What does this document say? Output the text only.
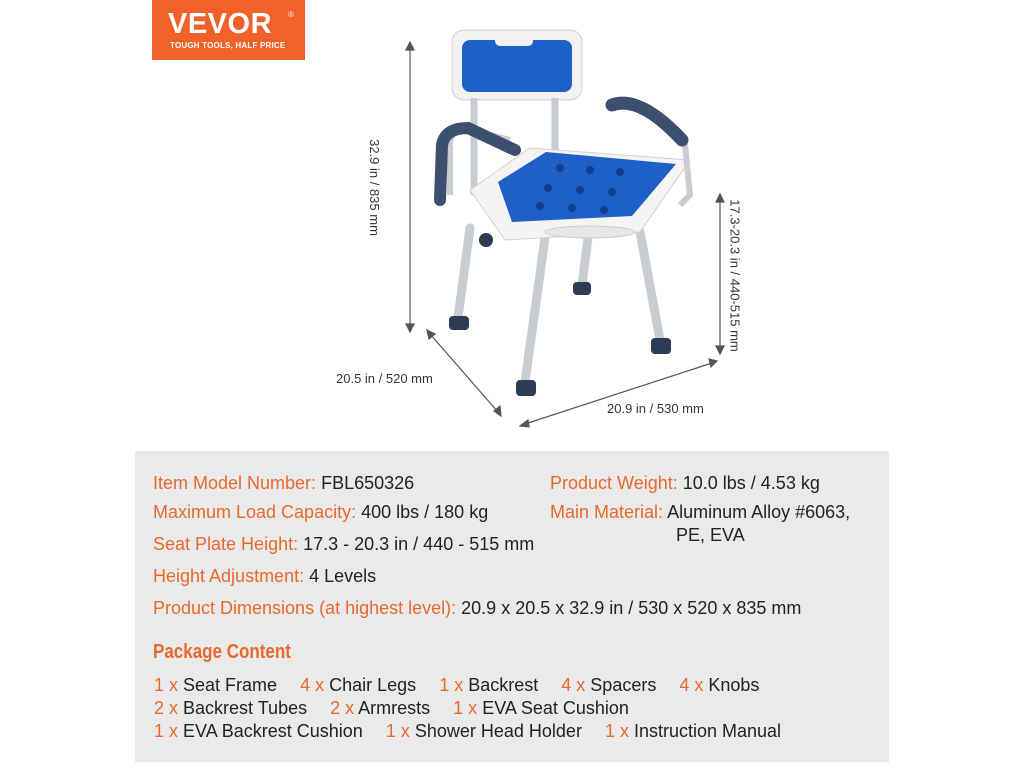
VEVOR ®
TOUGH TOOLS, HALF PRICE
32.9 in / 835 mm
17.3-20.3 in / 440-515 mm
20.5 in / 520 mm
20.9 in / 530 mm
Item Model Number: FBL650326
Maximum Load Capacity: 400 lbs / 180 kg
Seat Plate Height: 17.3 - 20.3 in / 440 - 515 mm
Height Adjustment: 4 Levels
Product Dimensions (at highest level): 20.9 x 20.5 x 32.9 in / 530 x 520 x 835 mm
Product Weight: 10.0 lbs / 4.53 kg
Main Material: Aluminum Alloy #6063,
PE, EVA
Package Content
1 x Seat Frame 4 x Chair Legs 1 x Backrest 4 x Spacers 4 x Knobs
2 x Backrest Tubes 2 x Armrests 1 x EVA Seat Cushion
1 x EVA Backrest Cushion 1 x Shower Head Holder 1 x Instruction Manual
